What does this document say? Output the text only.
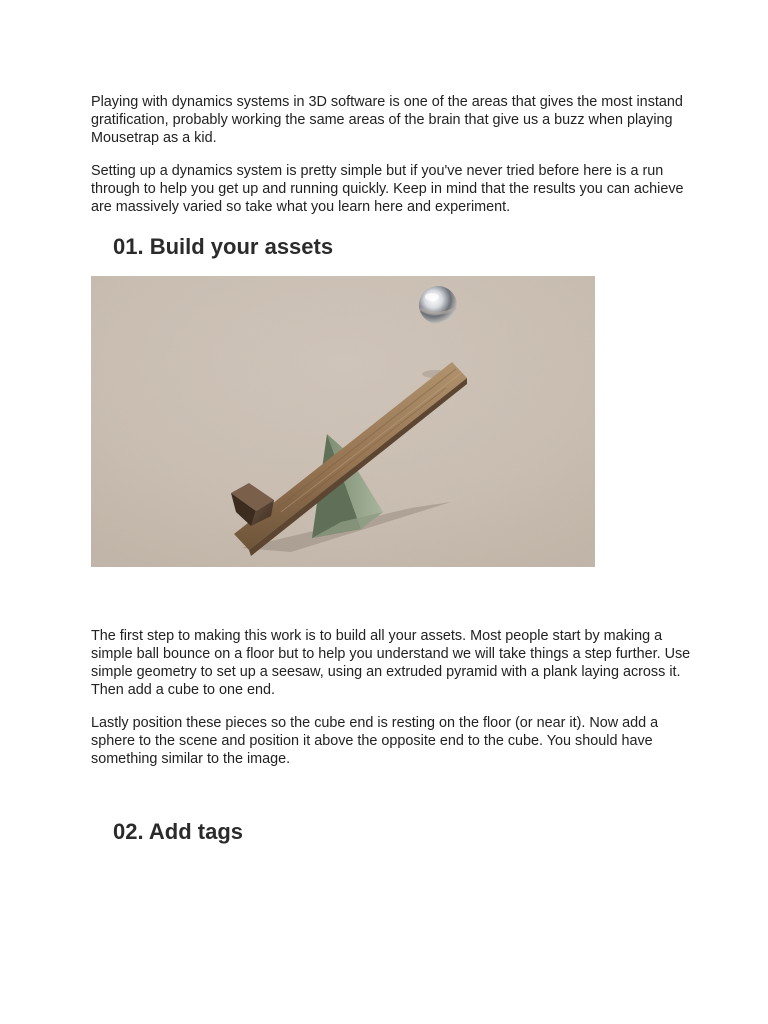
Playing with dynamics systems in 3D software is one of the areas that gives the most instand gratification, probably working the same areas of the brain that give us a buzz when playing Mousetrap as a kid.

Setting up a dynamics system is pretty simple but if you've never tried before here is a run through to help you get up and running quickly. Keep in mind that the results you can achieve are massively varied so take what you learn here and experiment.

01. Build your assets

The first step to making this work is to build all your assets. Most people start by making a simple ball bounce on a floor but to help you understand we will take things a step further. Use simple geometry to set up a seesaw, using an extruded pyramid with a plank laying across it. Then add a cube to one end.

Lastly position these pieces so the cube end is resting on the floor (or near it). Now add a sphere to the scene and position it above the opposite end to the cube. You should have something similar to the image.

02. Add tags
